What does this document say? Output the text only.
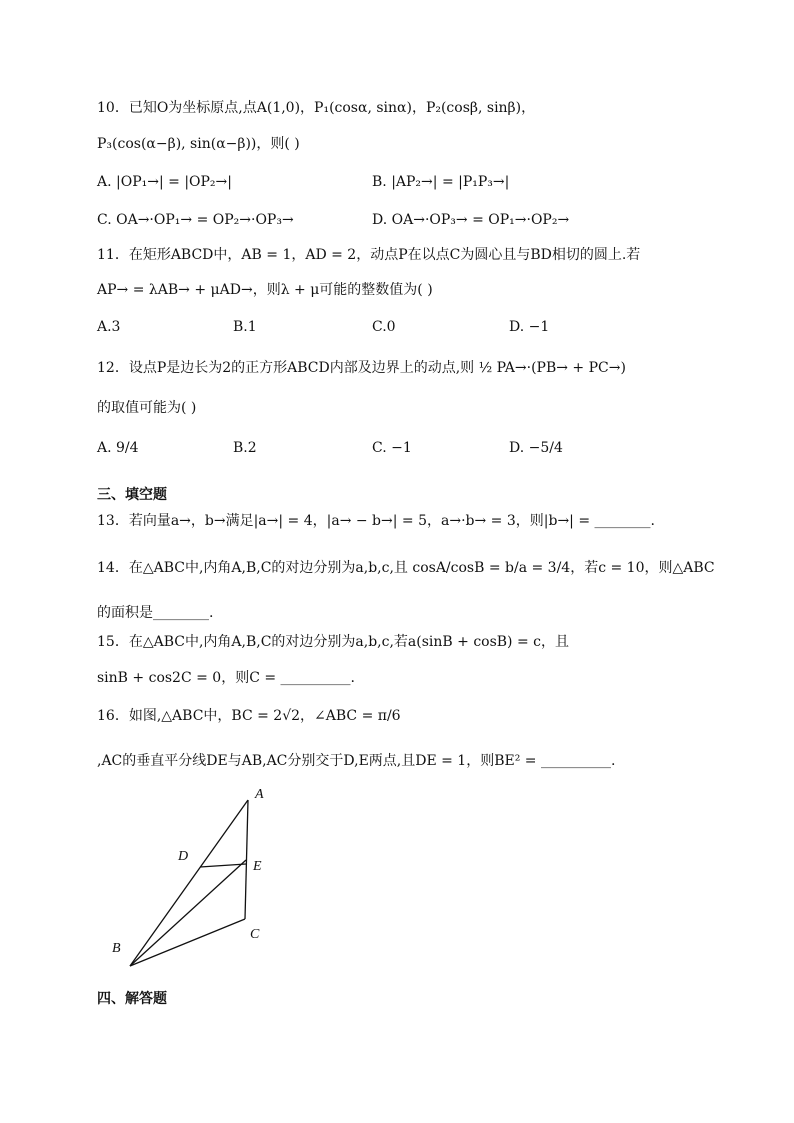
10．已知O为坐标原点,点A(1,0)，P₁(cosα, sinα)，P₂(cosβ, sinβ)，
P₃(cos(α−β), sin(α−β))，则( )
A. |OP₁→| = |OP₂→|	B. |AP₂→| = |P₁P₃→|
C. OA→·OP₁→ = OP₂→·OP₃→	D. OA→·OP₃→ = OP₁→·OP₂→
11．在矩形ABCD中，AB = 1，AD = 2，动点P在以点C为圆心且与BD相切的圆上.若
AP→ = λAB→ + μAD→，则λ + μ可能的整数值为( )
A.3	B.1	C.0	D. −1
12．设点P是边长为2的正方形ABCD内部及边界上的动点,则 ½ PA→·(PB→ + PC→)
的取值可能为( )
A. 9/4	B.2	C. −1	D. −5/4
三、填空题
13．若向量a→，b→满足|a→| = 4，|a→ − b→| = 5，a→·b→ = 3，则|b→| = ________.
14．在△ABC中,内角A,B,C的对边分别为a,b,c,且 cosA/cosB = b/a = 3/4，若c = 10，则△ABC
的面积是________.
15．在△ABC中,内角A,B,C的对边分别为a,b,c,若a(sinB + cosB) = c，且
sinB + cos2C = 0，则C = __________.
16．如图,△ABC中，BC = 2√2，∠ABC = π/6
,AC的垂直平分线DE与AB,AC分别交于D,E两点,且DE = 1，则BE² = __________.
A
B
C
D
E
四、解答题
